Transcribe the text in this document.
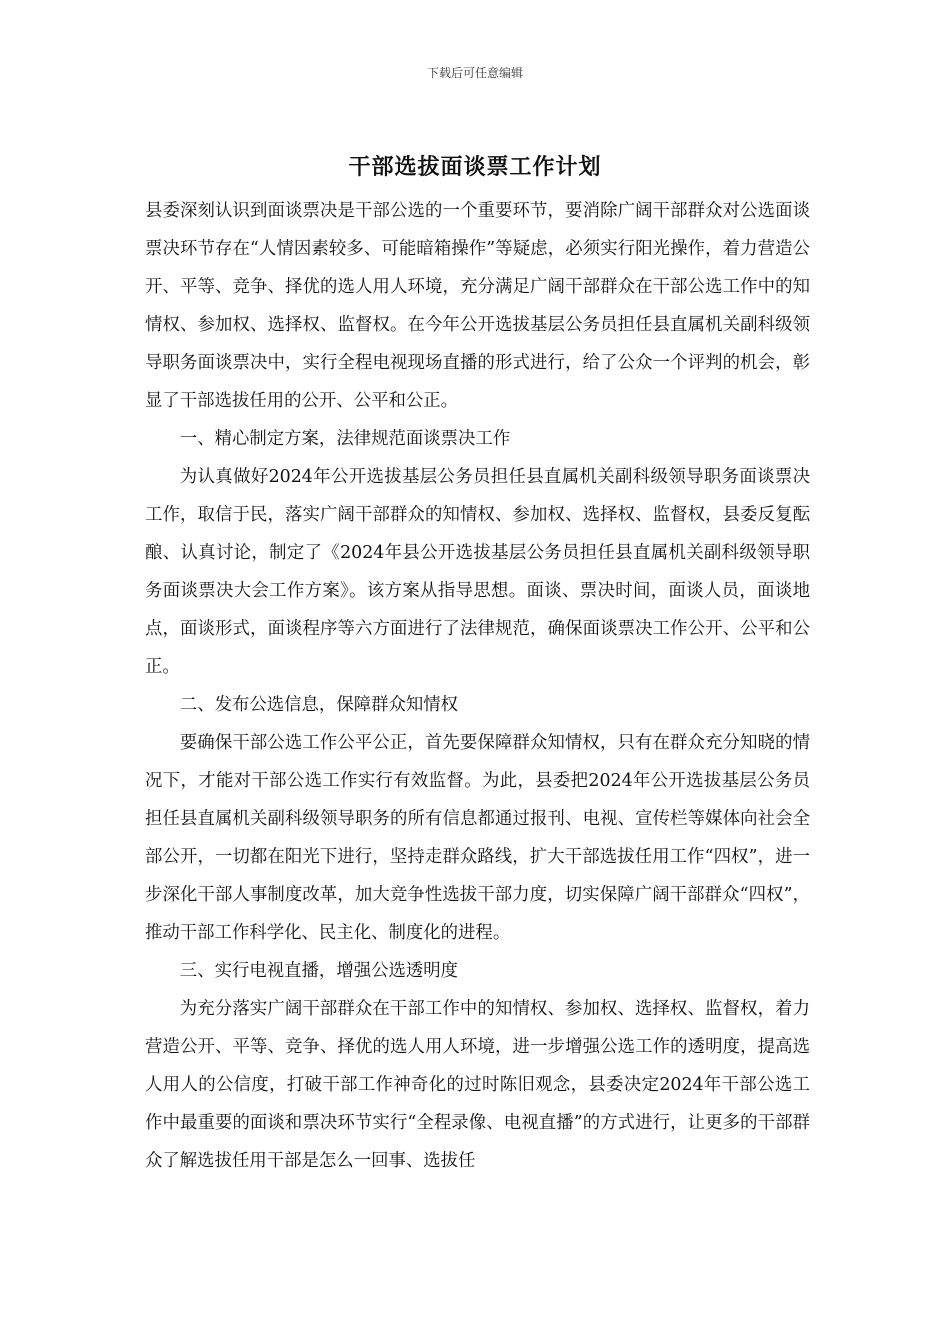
下载后可任意编辑
干部选拔面谈票工作计划

县委深刻认识到面谈票决是干部公选的一个重要环节，要消除广阔干部群众对公选面谈票决环节存在“人情因素较多、可能暗箱操作”等疑虑，必须实行阳光操作，着力营造公开、平等、竞争、择优的选人用人环境，充分满足广阔干部群众在干部公选工作中的知情权、参加权、选择权、监督权。在今年公开选拔基层公务员担任县直属机关副科级领导职务面谈票决中，实行全程电视现场直播的形式进行，给了公众一个评判的机会，彰显了干部选拔任用的公开、公平和公正。

一、精心制定方案，法律规范面谈票决工作

为认真做好2024年公开选拔基层公务员担任县直属机关副科级领导职务面谈票决工作，取信于民，落实广阔干部群众的知情权、参加权、选择权、监督权，县委反复酝酿、认真讨论，制定了《2024年县公开选拔基层公务员担任县直属机关副科级领导职务面谈票决大会工作方案》。该方案从指导思想。面谈、票决时间，面谈人员，面谈地点，面谈形式，面谈程序等六方面进行了法律规范，确保面谈票决工作公开、公平和公正。

二、发布公选信息，保障群众知情权

要确保干部公选工作公平公正，首先要保障群众知情权，只有在群众充分知晓的情况下，才能对干部公选工作实行有效监督。为此，县委把2024年公开选拔基层公务员担任县直属机关副科级领导职务的所有信息都通过报刊、电视、宣传栏等媒体向社会全部公开，一切都在阳光下进行，坚持走群众路线，扩大干部选拔任用工作“四权”，进一步深化干部人事制度改革，加大竞争性选拔干部力度，切实保障广阔干部群众“四权”，推动干部工作科学化、民主化、制度化的进程。

三、实行电视直播，增强公选透明度

为充分落实广阔干部群众在干部工作中的知情权、参加权、选择权、监督权，着力营造公开、平等、竞争、择优的选人用人环境，进一步增强公选工作的透明度，提高选人用人的公信度，打破干部工作神奇化的过时陈旧观念，县委决定2024年干部公选工作中最重要的面谈和票决环节实行“全程录像、电视直播”的方式进行，让更多的干部群众了解选拔任用干部是怎么一回事、选拔任
